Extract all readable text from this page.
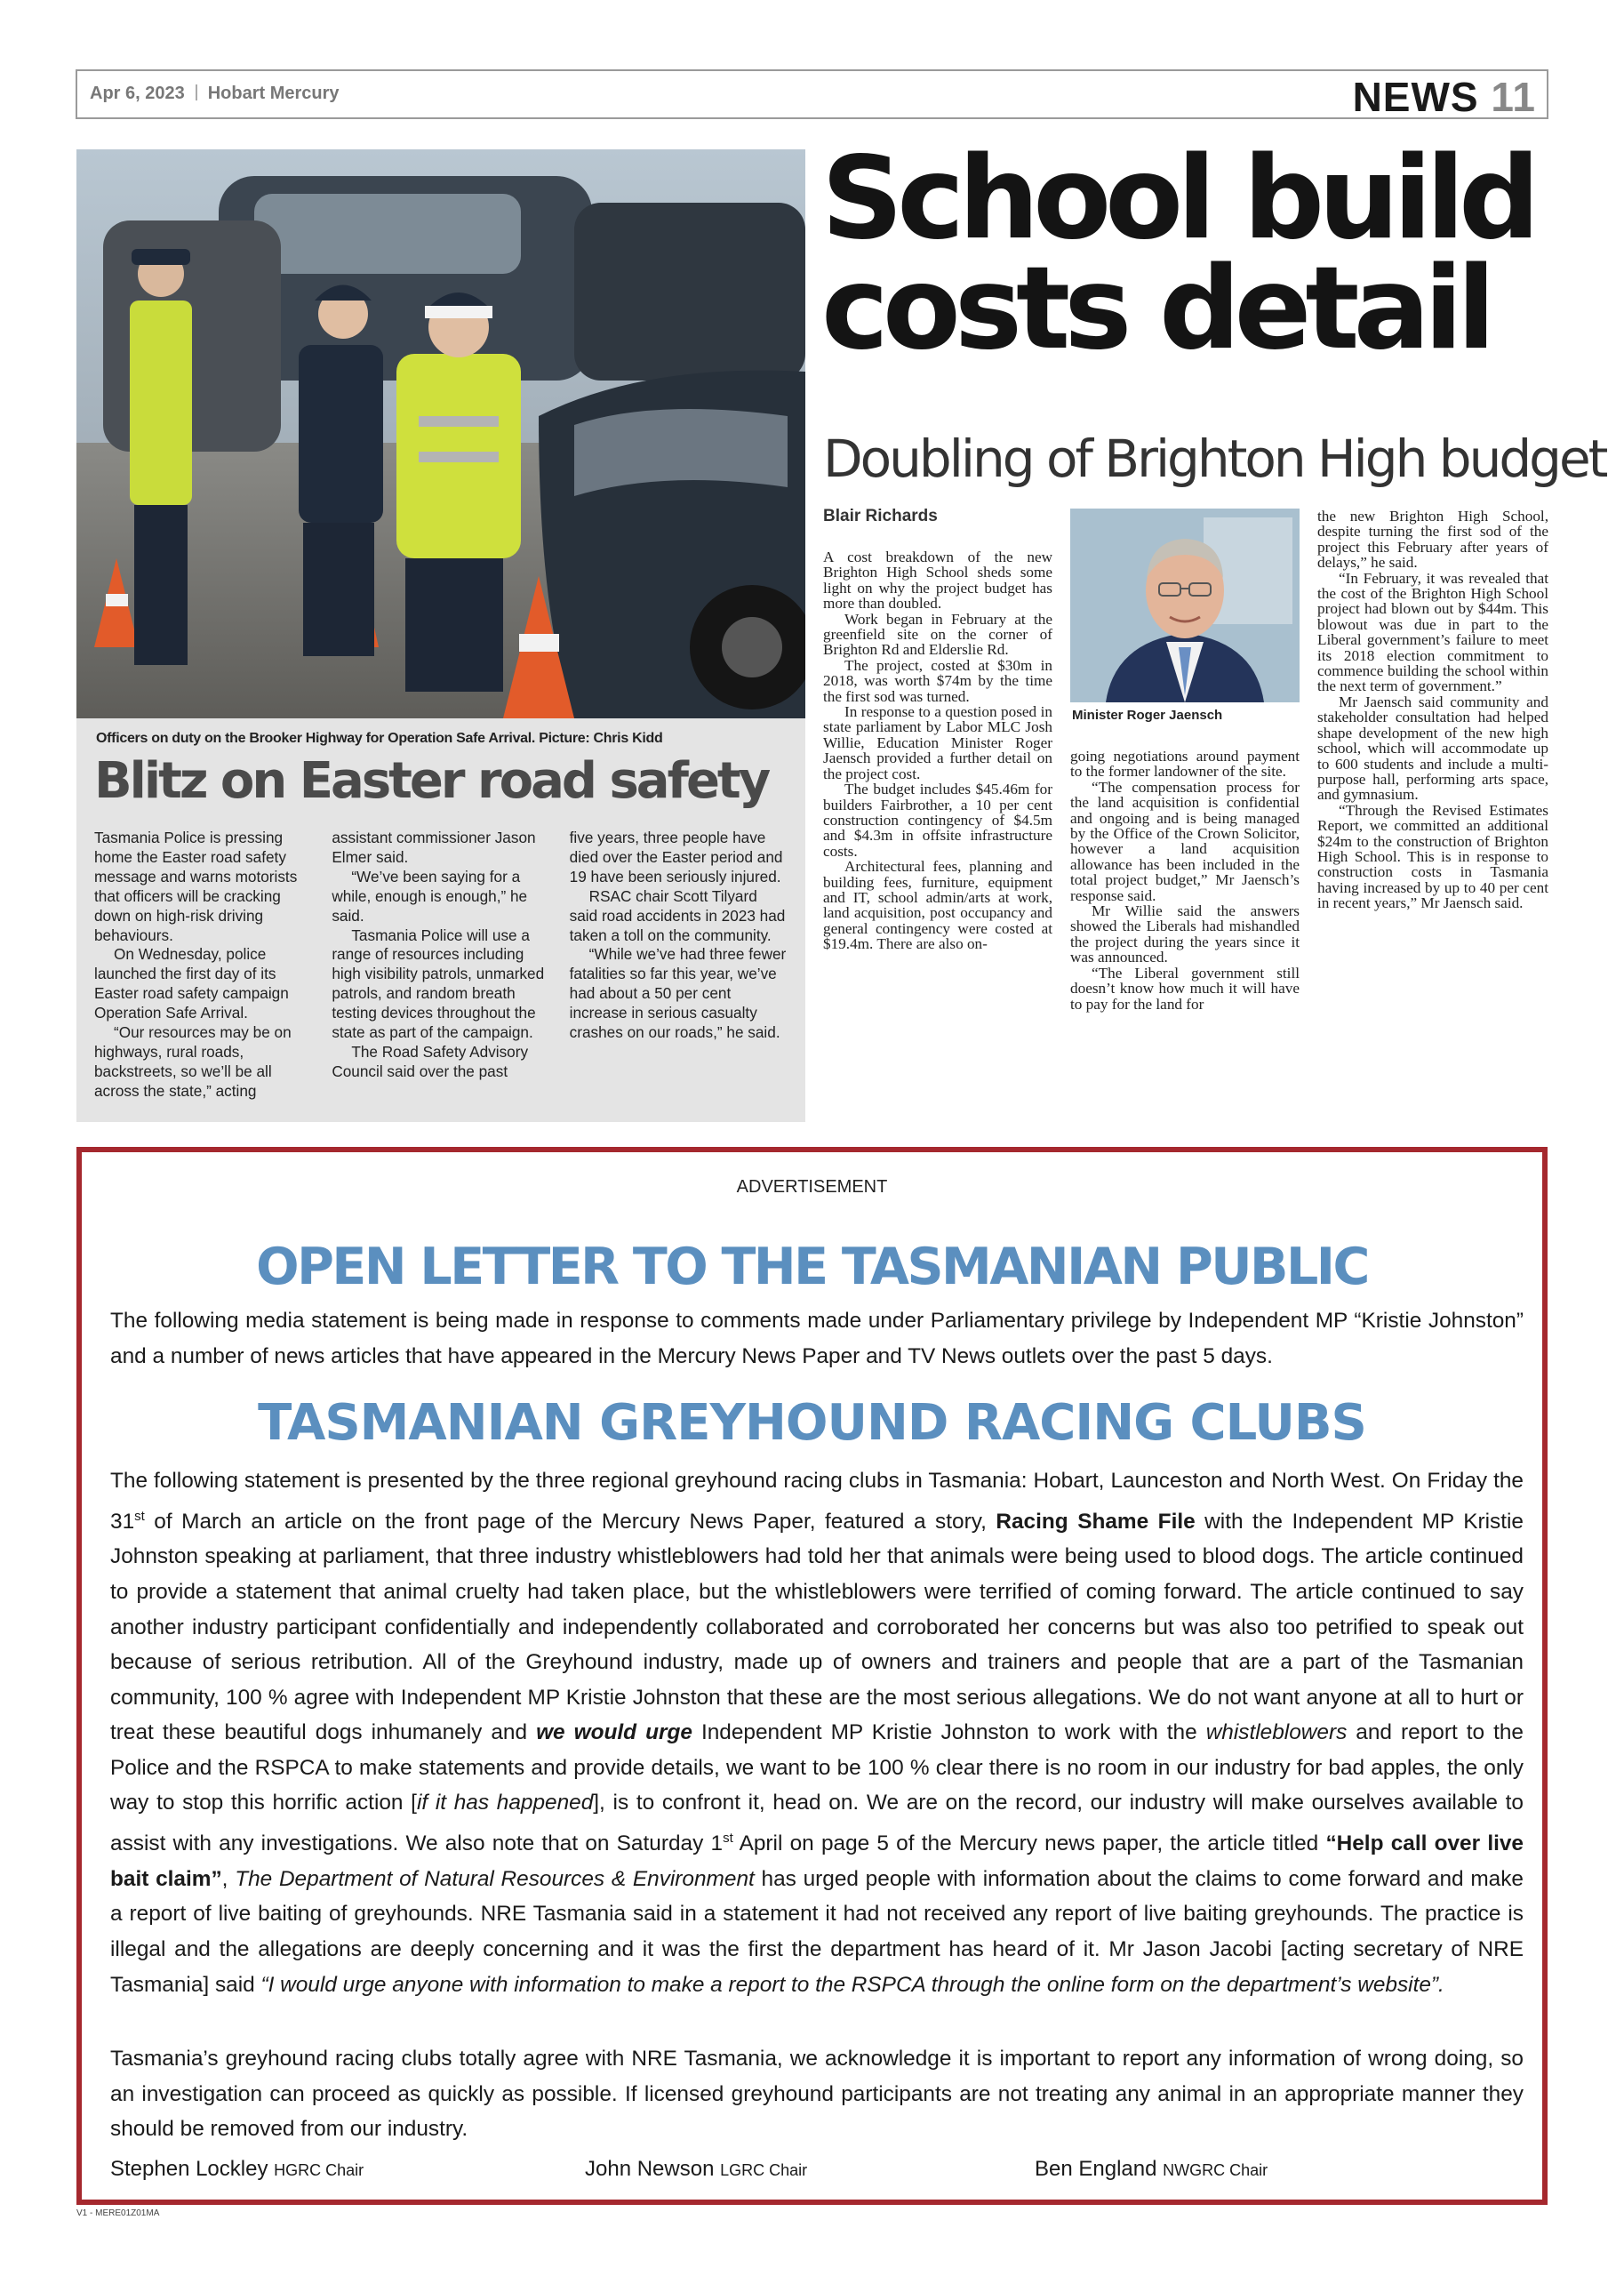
Apr 6, 2023 Hobart Mercury	NEWS 11
Officers on duty on the Brooker Highway for Operation Safe Arrival. Picture: Chris Kidd
Blitz on Easter road safety

Tasmania Police is pressing home the Easter road safety message and warns motorists that officers will be cracking down on high-risk driving behaviours.

On Wednesday, police launched the first day of its Easter road safety campaign Operation Safe Arrival.

“Our resources may be on highways, rural roads, backstreets, so we’ll be all across the state,” acting

assistant commissioner Jason Elmer said.

“We’ve been saying for a while, enough is enough,” he said.

Tasmania Police will use a range of resources including high visibility patrols, unmarked patrols, and random breath testing devices throughout the state as part of the campaign.

The Road Safety Advisory Council said over the past

five years, three people have died over the Easter period and 19 have been seriously injured.

RSAC chair Scott Tilyard said road accidents in 2023 had taken a toll on the community.

“While we’ve had three fewer fatalities so far this year, we’ve had about a 50 per cent increase in serious casualty crashes on our roads,” he said.

School build
costs detail
Doubling of Brighton High budget
Blair Richards

A cost breakdown of the new Brighton High School sheds some light on why the project budget has more than doubled.

Work began in February at the greenfield site on the corner of Brighton Rd and Elderslie Rd.

The project, costed at $30m in 2018, was worth $74m by the time the first sod was turned.

In response to a question posed in state parliament by Labor MLC Josh Willie, Education Minister Roger Jaensch provided a further detail on the project cost.

The budget includes $45.46m for builders Fairbrother, a 10 per cent construction contingency of $4.5m and $4.3m in offsite infrastructure costs.

Architectural fees, planning and building fees, furniture, equipment and IT, school admin/arts at work, land acquisition, post occupancy and general contingency were costed at $19.4m. There are also on-

Minister Roger Jaensch

going negotiations around payment to the former landowner of the site.

“The compensation process for the land acquisition is confidential and ongoing and is being managed by the Office of the Crown Solicitor, however a land acquisition allowance has been included in the total project budget,” Mr Jaensch’s response said.

Mr Willie said the answers showed the Liberals had mishandled the project during the years since it was announced.

“The Liberal government still doesn’t know how much it will have to pay for the land for

the new Brighton High School, despite turning the first sod of the project this February after years of delays,” he said.

“In February, it was revealed that the cost of the Brighton High School project had blown out by $44m. This blowout was due in part to the Liberal government’s failure to meet its 2018 election commitment to commence building the school within the next term of government.”

Mr Jaensch said community and stakeholder consultation had helped shape development of the new high school, which will accommodate up to 600 students and include a multi-purpose hall, performing arts space, and gymnasium.

“Through the Revised Estimates Report, we committed an additional $24m to the construction of Brighton High School. This is in response to construction costs in Tasmania having increased by up to 40 per cent in recent years,” Mr Jaensch said.

ADVERTISEMENT
OPEN LETTER TO THE TASMANIAN PUBLIC
The following media statement is being made in response to comments made under Parliamentary privilege by Independent MP “Kristie Johnston” and a number of news articles that have appeared in the Mercury News Paper and TV News outlets over the past 5 days.
TASMANIAN GREYHOUND RACING CLUBS
The following statement is presented by the three regional greyhound racing clubs in Tasmania: Hobart, Launceston and North West. On Friday the 31st of March an article on the front page of the Mercury News Paper, featured a story, Racing Shame File with the Independent MP Kristie Johnston speaking at parliament, that three industry whistleblowers had told her that animals were being used to blood dogs. The article continued to provide a statement that animal cruelty had taken place, but the whistleblowers were terrified of coming forward. The article continued to say another industry participant confidentially and independently collaborated and corroborated her concerns but was also too petrified to speak out because of serious retribution. All of the Greyhound industry, made up of owners and trainers and people that are a part of the Tasmanian community, 100 % agree with Independent MP Kristie Johnston that these are the most serious allegations. We do not want anyone at all to hurt or treat these beautiful dogs inhumanely and we would urge Independent MP Kristie Johnston to work with the whistleblowers and report to the Police and the RSPCA to make statements and provide details, we want to be 100 % clear there is no room in our industry for bad apples, the only way to stop this horrific action [if it has happened], is to confront it, head on. We are on the record, our industry will make ourselves available to assist with any investigations. We also note that on Saturday 1st April on page 5 of the Mercury news paper, the article titled “Help call over live bait claim”, The Department of Natural Resources & Environment has urged people with information about the claims to come forward and make a report of live baiting of greyhounds. NRE Tasmania said in a statement it had not received any report of live baiting greyhounds. The practice is illegal and the allegations are deeply concerning and it was the first the department has heard of it. Mr Jason Jacobi [acting secretary of NRE Tasmania] said “I would urge anyone with information to make a report to the RSPCA through the online form on the department’s website”.
Tasmania’s greyhound racing clubs totally agree with NRE Tasmania, we acknowledge it is important to report any information of wrong doing, so an investigation can proceed as quickly as possible. If licensed greyhound participants are not treating any animal in an appropriate manner they should be removed from our industry.
Stephen Lockley HGRC Chair	John Newson LGRC Chair	Ben England NWGRC Chair
V1 - MERE01Z01MA
